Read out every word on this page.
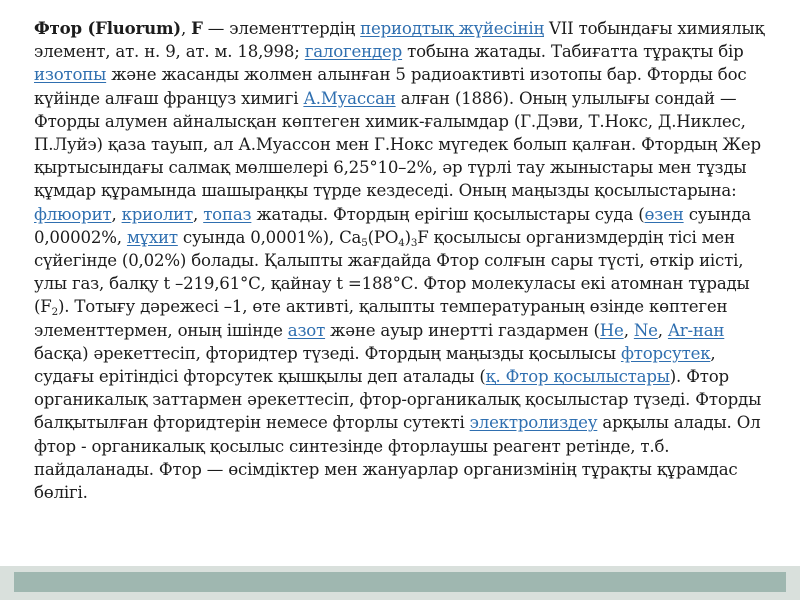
Фтор (Fluorum), F — элементтердің периодтық жүйесінің VII тобындағы химиялық элемент, ат. н. 9, ат. м. 18,998; галогендер тобына жатады. Табиғатта тұрақты бір изотопы және жасанды жолмен алынған 5 радиоактивті изотопы бар. Фторды бос күйінде алғаш француз химигі А.Муассан алған (1886). Оның улылығы сондай — Фторды алумен айналысқан көптеген химик-ғалымдар (Г.Дэви, Т.Нокс, Д.Никлес, П.Луйэ) қаза тауып, ал А.Муассон мен Г.Нокс мүгедек болып қалған. Фтордың Жер қыртысындағы салмақ мөлшелері 6,25°10–2%, әр түрлі тау жыныстары мен тұзды құмдар құрамында шашыраңқы түрде кездеседі. Оның маңызды қосылыстарына: флюорит, криолит, топаз жатады. Фтордың ерігіш қосылыстары суда (өзен суында 0,00002%, мұхит суында 0,0001%), $Ca_5(PO_4)_3F$ қосылысы организмдердің тісі мен сүйегінде (0,02%) болады. Қалыпты жағдайда Фтор солғын сары түсті, өткір иісті, улы газ, балқу t –219,61°С, қайнау t =188°С. Фтор молекуласы екі атомнан тұрады $(F_2)$. Тотығу дәрежесі –1, өте активті, қалыпты температураның өзінде көптеген элементтермен, оның ішінде азот және ауыр инертті газдармен (Не, Nе, Ar-нан басқа) әрекеттесіп, фторидтер түзеді. Фтордың маңызды қосылысы фторсутек, судағы ерітіндісі фторсутек қышқылы деп аталады (қ. Фтор қосылыстары). Фтор органикалық заттармен әрекеттесіп, фтор-органикалық қосылыстар түзеді. Фторды балқытылған фторидтерін немесе фторлы сутекті электролиздеу арқылы алады. Ол фтор - органикалық қосылыс синтезінде фторлаушы реагент ретінде, т.б. пайдаланады. Фтор — өсімдіктер мен жануарлар организмінің тұрақты құрамдас бөлігі.
